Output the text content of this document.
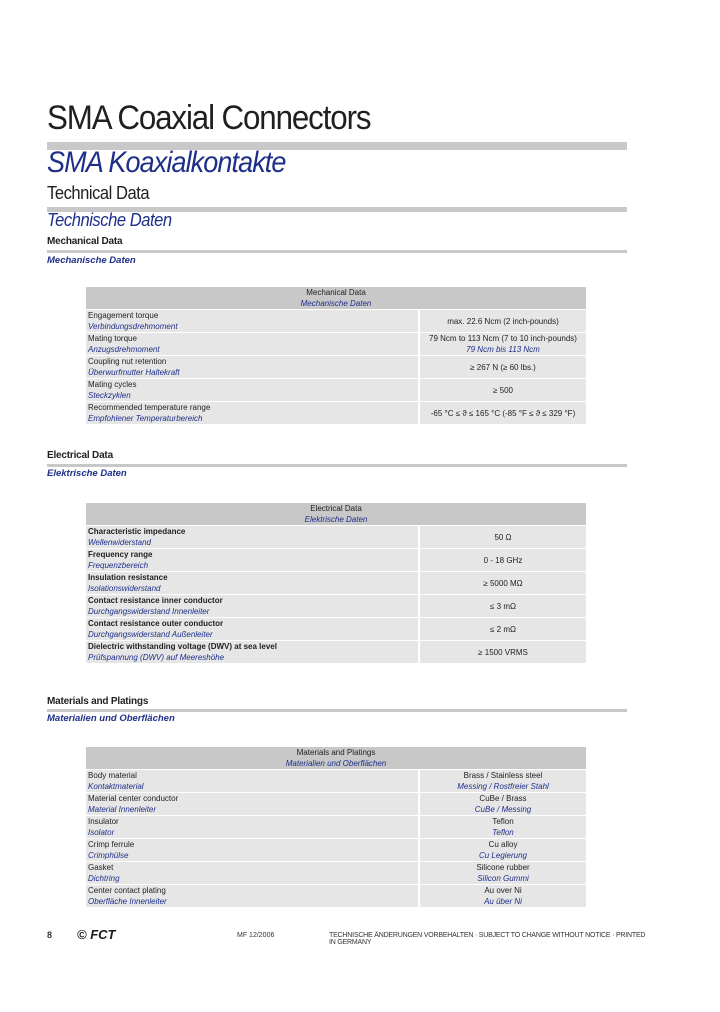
SMA Coaxial Connectors
SMA Koaxialkontakte
Technical Data
Technische Daten
Mechanical Data
Mechanische Daten
Mechanical Data
Mechanische Daten	

Engagement torque
Verbindungsdrehmoment	max. 22.6 Ncm (2 inch-pounds)

Mating torque
Anzugsdrehmoment	79 Ncm to 113 Ncm (7 to 10 inch-pounds)
79 Ncm bis 113 Ncm

Coupling nut retention
Überwurfmutter Haltekraft	≥ 267 N (≥ 60 lbs.)

Mating cycles
Steckzyklen	≥ 500

Recommended temperature range
Empfohlener Temperaturbereich	-65 °C ≤ ϑ ≤ 165 °C (-85 °F ≤ ϑ ≤ 329 °F)
Electrical Data
Elektrische Daten
Electrical Data
Elektrische Daten	

Characteristic impedance
Wellenwiderstand	50 Ω

Frequency range
Frequenzbereich	0 - 18 GHz

Insulation resistance
Isolationswiderstand	≥ 5000 MΩ

Contact resistance inner conductor
Durchgangswiderstand Innenleiter	≤ 3 mΩ

Contact resistance outer conductor
Durchgangswiderstand Außenleiter	≤ 2 mΩ

Dielectric withstanding voltage (DWV) at sea level
Prüfspannung (DWV) auf Meereshöhe	≥ 1500 VRMS
Materials and Platings
Materialien und Oberflächen
Materials and Platings
Materialien und Oberflächen	

Body material
Kontaktmaterial	Brass / Stainless steel
Messing / Rostfreier Stahl

Material center conductor
Material Innenleiter	CuBe / Brass
CuBe / Messing

Insulator
Isolator	Teflon
Teflon

Crimp ferrule
Crimphülse	Cu alloy
Cu Legierung

Gasket
Dichtring	Silicone rubber
Silicon Gummi

Center contact plating
Oberfläche Innenleiter	Au over Ni
Au über Ni
8 © FCT	MF 12/2006	TECHNISCHE ÄNDERUNGEN VORBEHALTEN · SUBJECT TO CHANGE WITHOUT NOTICE · PRINTED IN GERMANY
